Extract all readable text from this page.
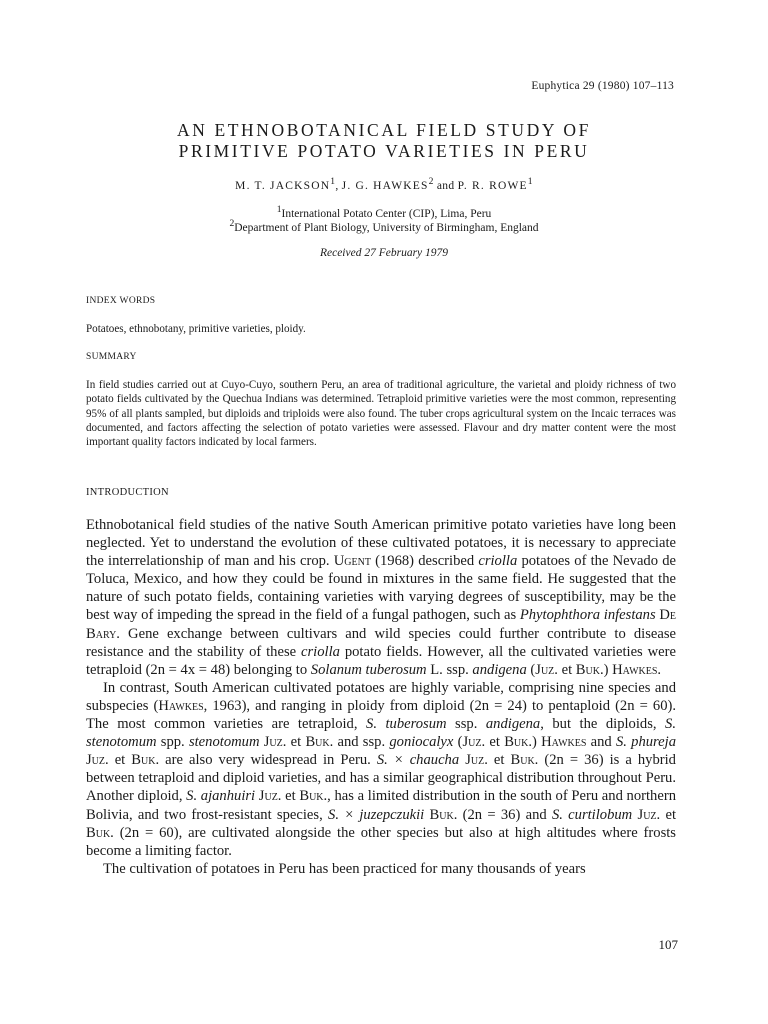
Euphytica 29 (1980) 107–113
AN ETHNOBOTANICAL FIELD STUDY OF
PRIMITIVE POTATO VARIETIES IN PERU
M. T. JACKSON$^1$, J. G. HAWKES$^2$ and P. R. ROWE$^1$
$^1$International Potato Center (CIP), Lima, Peru
$^2$Department of Plant Biology, University of Birmingham, England
Received 27 February 1979
INDEX WORDS
Potatoes, ethnobotany, primitive varieties, ploidy.
SUMMARY
In field studies carried out at Cuyo-Cuyo, southern Peru, an area of traditional agriculture, the varietal and ploidy richness of two potato fields cultivated by the Quechua Indians was determined. Tetraploid primitive varieties were the most common, representing 95% of all plants sampled, but diploids and triploids were also found. The tuber crops agricultural system on the Incaic terraces was documented, and factors affecting the selection of potato varieties were assessed. Flavour and dry matter content were the most important quality factors indicated by local farmers.
INTRODUCTION

Ethnobotanical field studies of the native South American primitive potato varieties have long been neglected. Yet to understand the evolution of these cultivated potatoes, it is necessary to appreciate the interrelationship of man and his crop. Ugent (1968) described criolla potatoes of the Nevado de Toluca, Mexico, and how they could be found in mixtures in the same field. He suggested that the nature of such potato fields, containing varieties with varying degrees of susceptibility, may be the best way of impeding the spread in the field of a fungal pathogen, such as Phytophthora infestans De Bary. Gene exchange between cultivars and wild species could further contribute to disease resistance and the stability of these criolla potato fields. However, all the cultivated varieties were tetraploid (2n = 4x = 48) belonging to Solanum tuberosum L. ssp. andigena (Juz. et Buk.) Hawkes.

In contrast, South American cultivated potatoes are highly variable, comprising nine species and subspecies (Hawkes, 1963), and ranging in ploidy from diploid (2n = 24) to pentaploid (2n = 60). The most common varieties are tetraploid, S. tuberosum ssp. andigena, but the diploids, S. stenotomum spp. stenotomum Juz. et Buk. and ssp. goniocalyx (Juz. et Buk.) Hawkes and S. phureja Juz. et Buk. are also very widespread in Peru. S. × chaucha Juz. et Buk. (2n = 36) is a hybrid between tetraploid and diploid varieties, and has a similar geographical distribution throughout Peru. Another diploid, S. ajanhuiri Juz. et Buk., has a limited distribution in the south of Peru and northern Bolivia, and two frost-resistant species, S. × juzepczukii Buk. (2n = 36) and S. curtilobum Juz. et Buk. (2n = 60), are cultivated alongside the other species but also at high altitudes where frosts become a limiting factor.

The cultivation of potatoes in Peru has been practiced for many thousands of years

107
